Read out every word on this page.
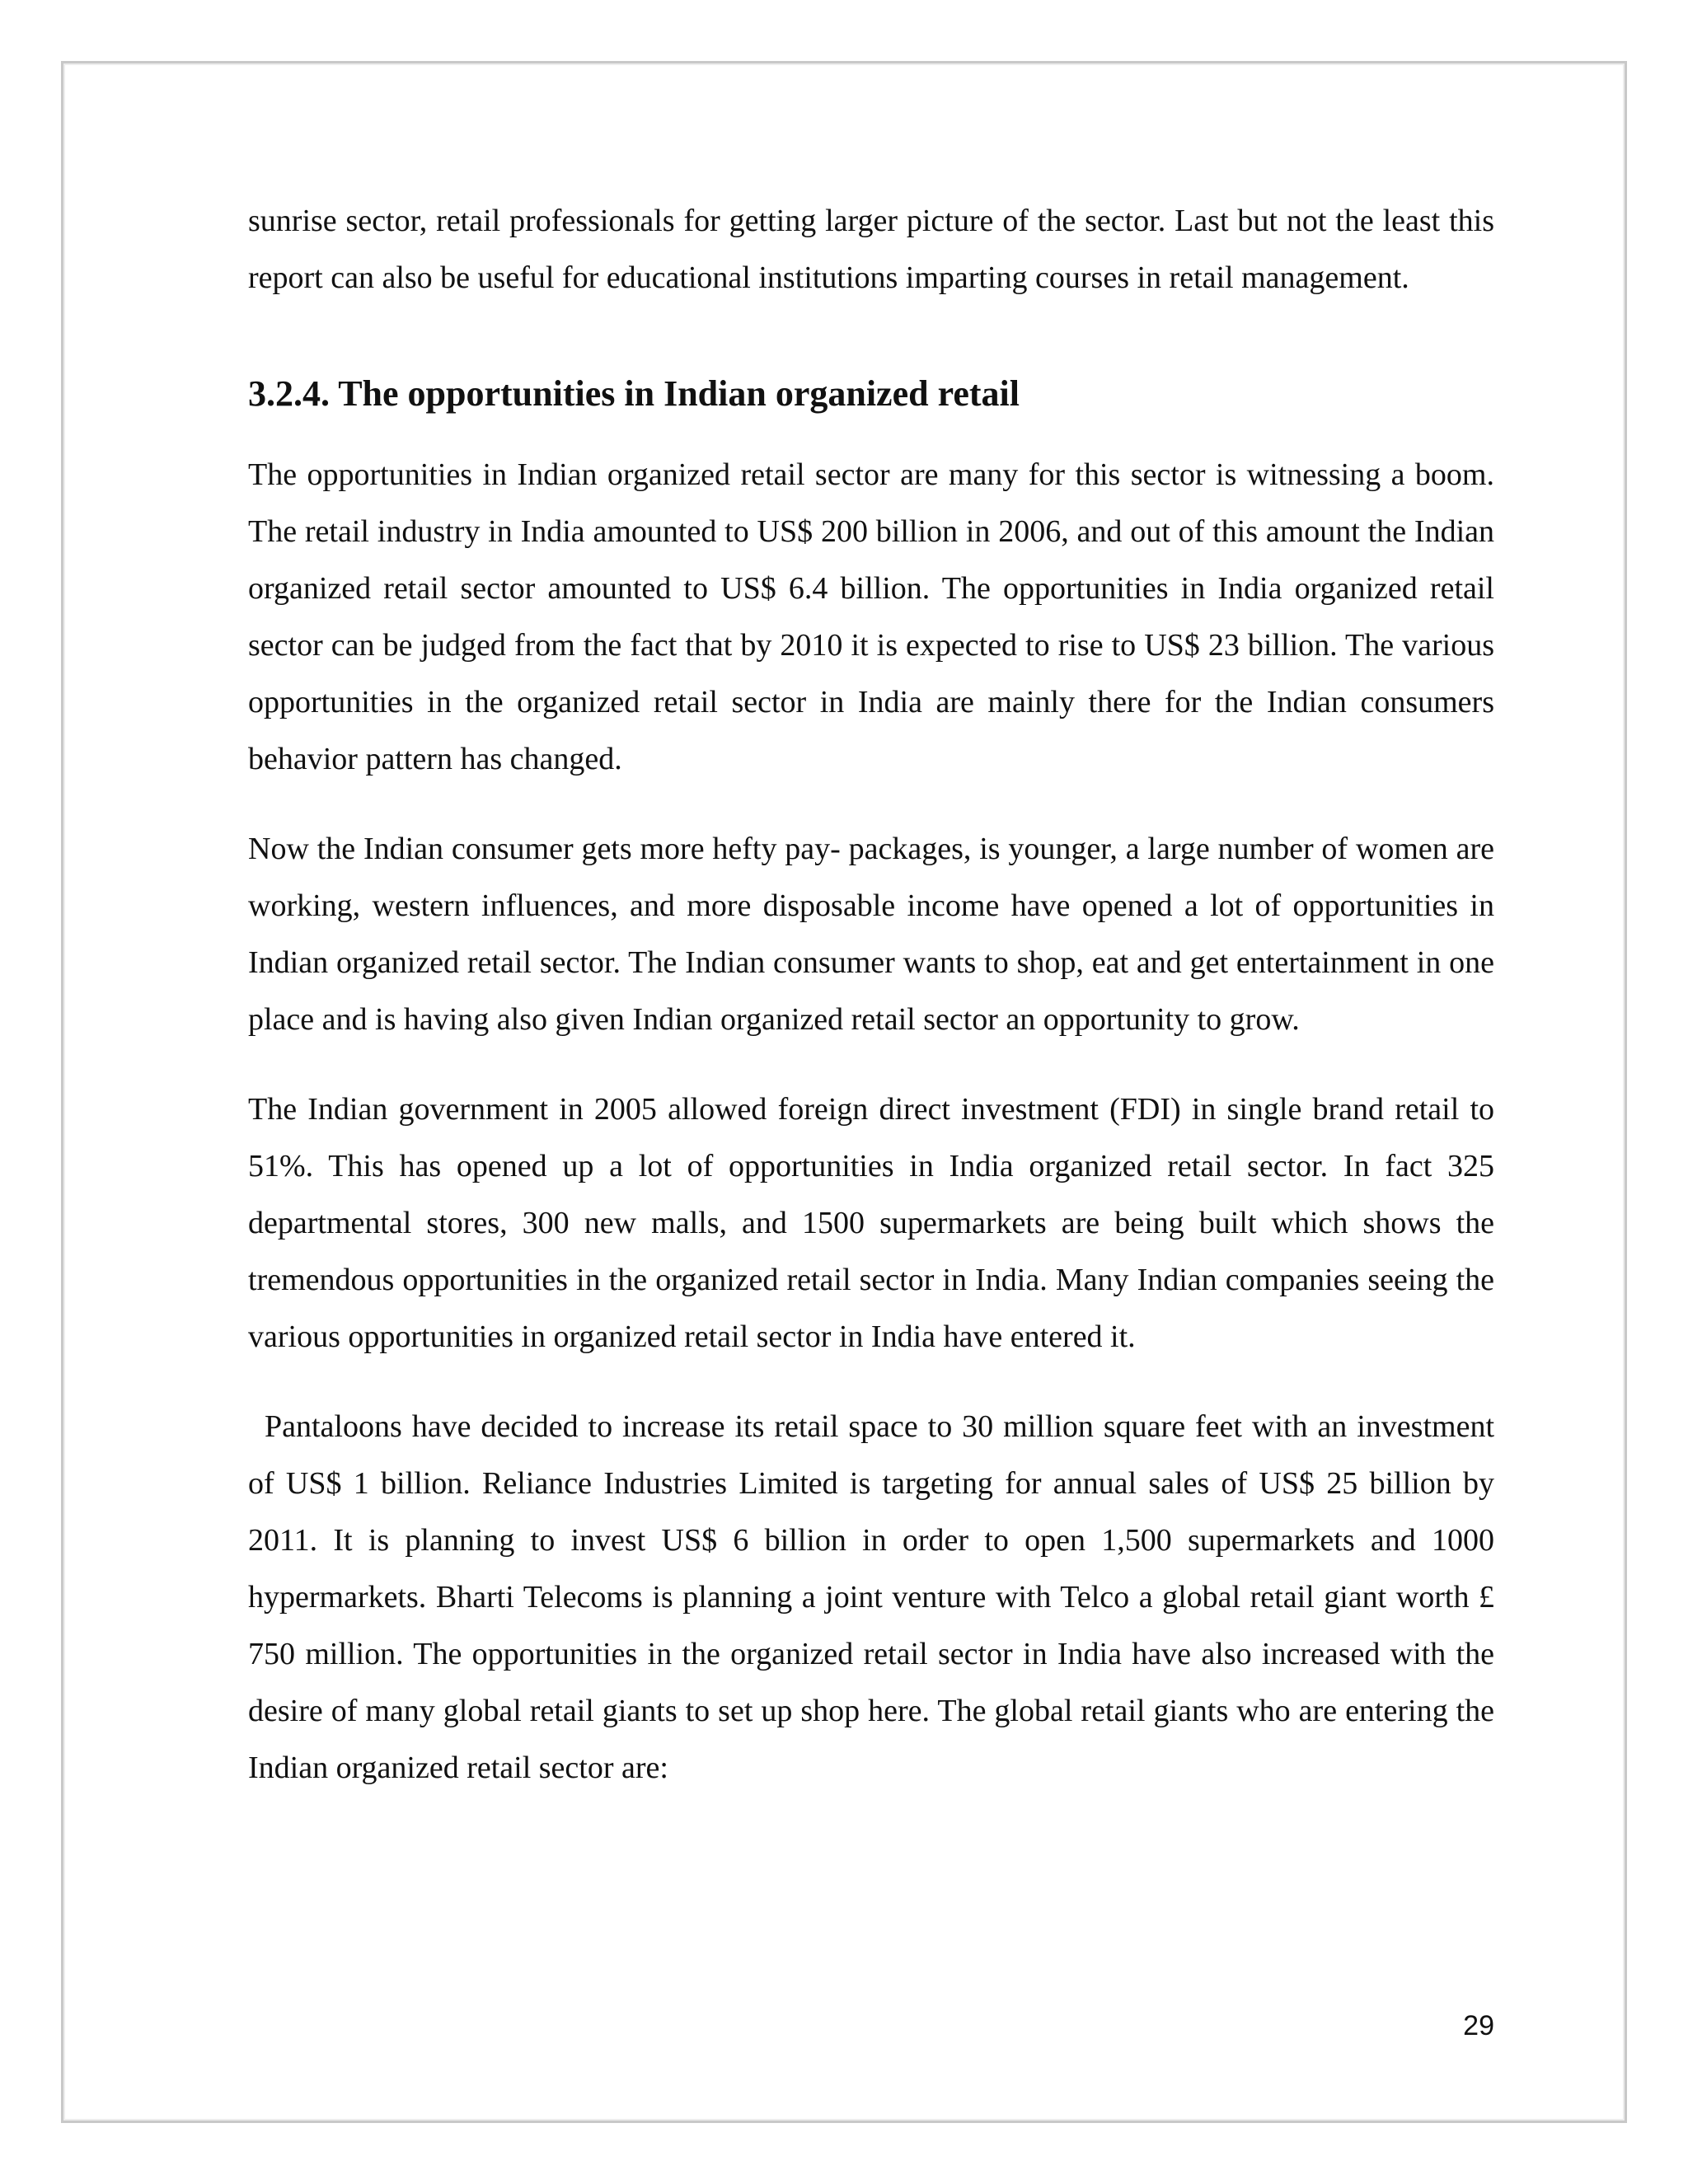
sunrise sector, retail professionals for getting larger picture of the sector. Last but not the least this report can also be useful for educational institutions imparting courses in retail management.

3.2.4. The opportunities in Indian organized retail

The opportunities in Indian organized retail sector are many for this sector is witnessing a boom. The retail industry in India amounted to US$ 200 billion in 2006, and out of this amount the Indian organized retail sector amounted to US$ 6.4 billion. The opportunities in India organized retail sector can be judged from the fact that by 2010 it is expected to rise to US$ 23 billion. The various opportunities in the organized retail sector in India are mainly there for the Indian consumers behavior pattern has changed.

Now the Indian consumer gets more hefty pay- packages, is younger, a large number of women are working, western influences, and more disposable income have opened a lot of opportunities in Indian organized retail sector. The Indian consumer wants to shop, eat and get entertainment in one place and is having also given Indian organized retail sector an opportunity to grow.

The Indian government in 2005 allowed foreign direct investment (FDI) in single brand retail to 51%. This has opened up a lot of opportunities in India organized retail sector. In fact 325 departmental stores, 300 new malls, and 1500 supermarkets are being built which shows the tremendous opportunities in the organized retail sector in India. Many Indian companies seeing the various opportunities in organized retail sector in India have entered it.

Pantaloons have decided to increase its retail space to 30 million square feet with an investment of US$ 1 billion. Reliance Industries Limited is targeting for annual sales of US$ 25 billion by 2011. It is planning to invest US$ 6 billion in order to open 1,500 supermarkets and 1000 hypermarkets. Bharti Telecoms is planning a joint venture with Telco a global retail giant worth £ 750 million. The opportunities in the organized retail sector in India have also increased with the desire of many global retail giants to set up shop here. The global retail giants who are entering the Indian organized retail sector are:

29
